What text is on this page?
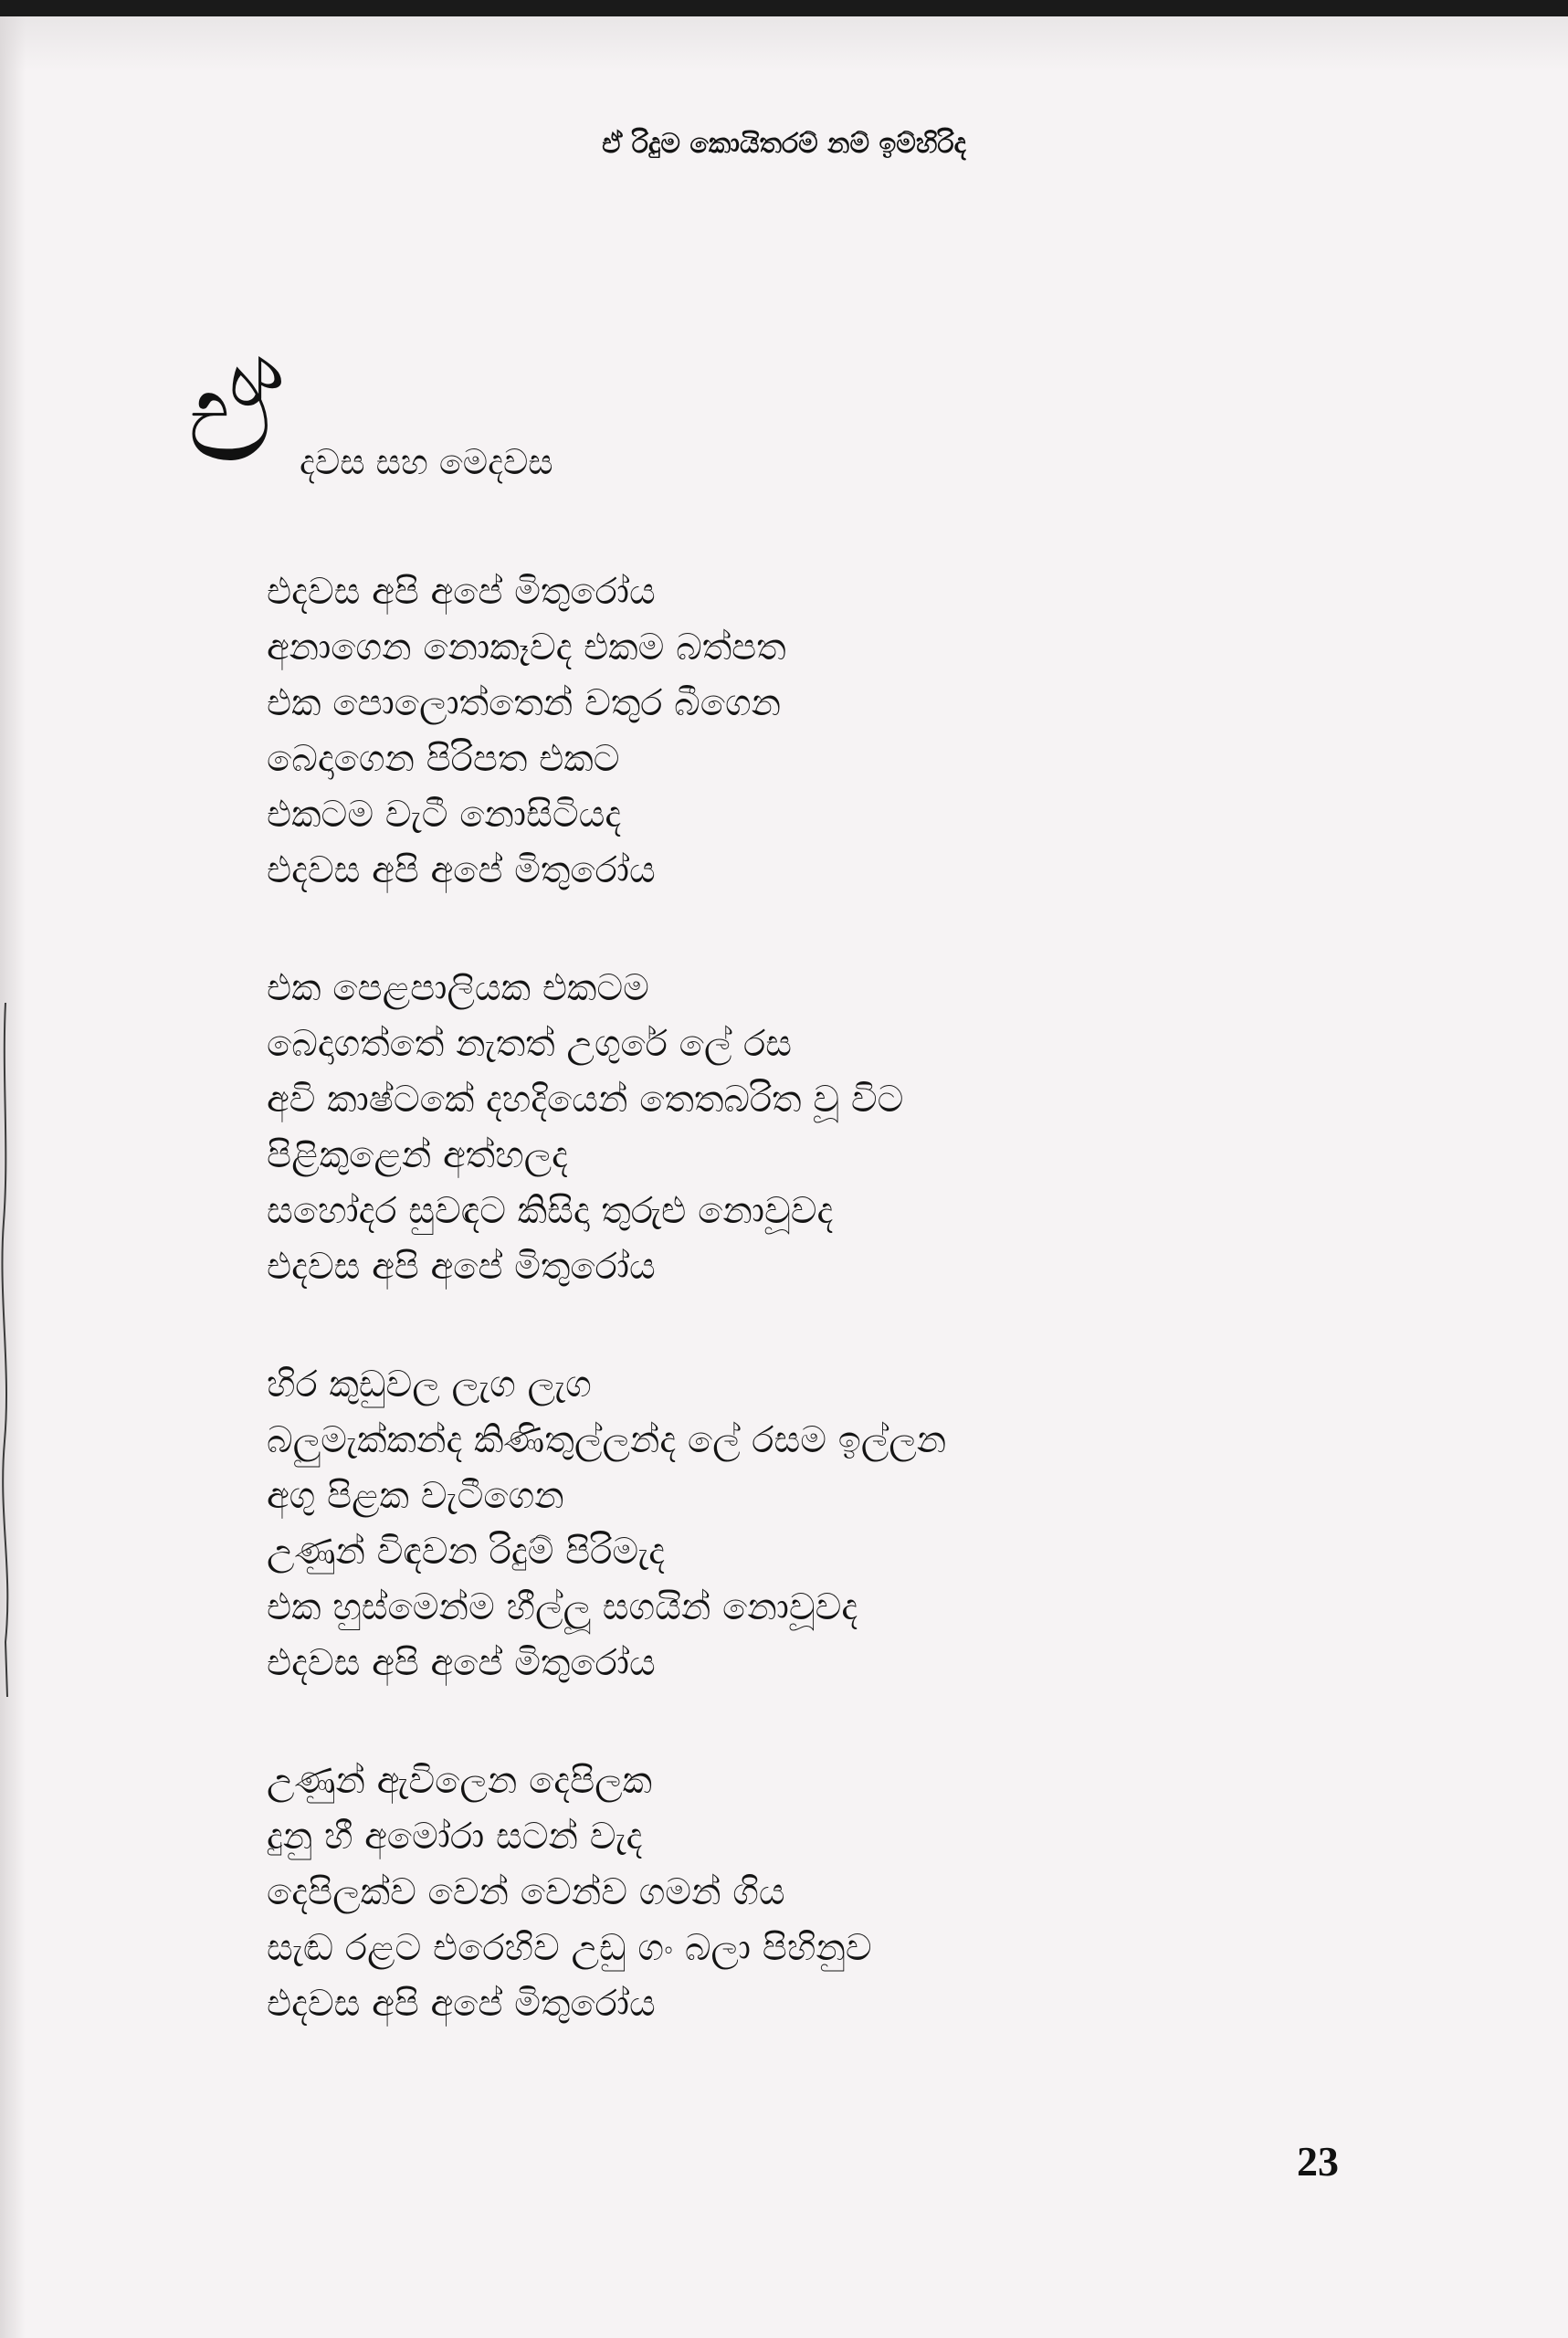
ඒ රිදුම කොයිතරම් නම් ඉම්හිරිද
ඒ දවස සහ මෙදවස
එදවස අපි අපේ මිතුරෝය
අනාගෙන නොකෑවද එකම බත්පත
එක පොලොත්තෙන් වතුර බීගෙන
බෙදාගෙන පිරිපත එකට
එකටම වැටී නොසිටියද
එදවස අපි අපේ මිතුරෝය
එක පෙළපාලියක එකටම
බෙදාගත්තේ නැතත් උගුරේ ලේ රස
අවි කාෂ්ටකේ දහදියෙන් තෙතබරිත වූ විට
පිළිකුළෙන් අත්හලද
සහෝදර සුවඳට කිසිදා තුරුළු නොවූවද
එදවස අපි අපේ මිතුරෝය
හිර කුඩුවල ලැග ලැග
බලුමැක්කන්ද කිණිතුල්ලන්ද ලේ රසම ඉල්ලන
අගු පිළක වැටීගෙන
උණුන් විඳවන රිදුම් පිරිමැද
එක හුස්මෙන්ම හීල්ලූ සගයින් නොවූවද
එදවස අපි අපේ මිතුරෝය
උණුන් ඇවිලෙන දෙපිලක
දුනු හී අමෝරා සටන් වැද
දෙපිලක්ව වෙන් වෙන්ව ගමන් ගිය
සැඬ රළට එරෙහිව උඩු ගං බලා පිහිනුව
එදවස අපි අපේ මිතුරෝය
23
